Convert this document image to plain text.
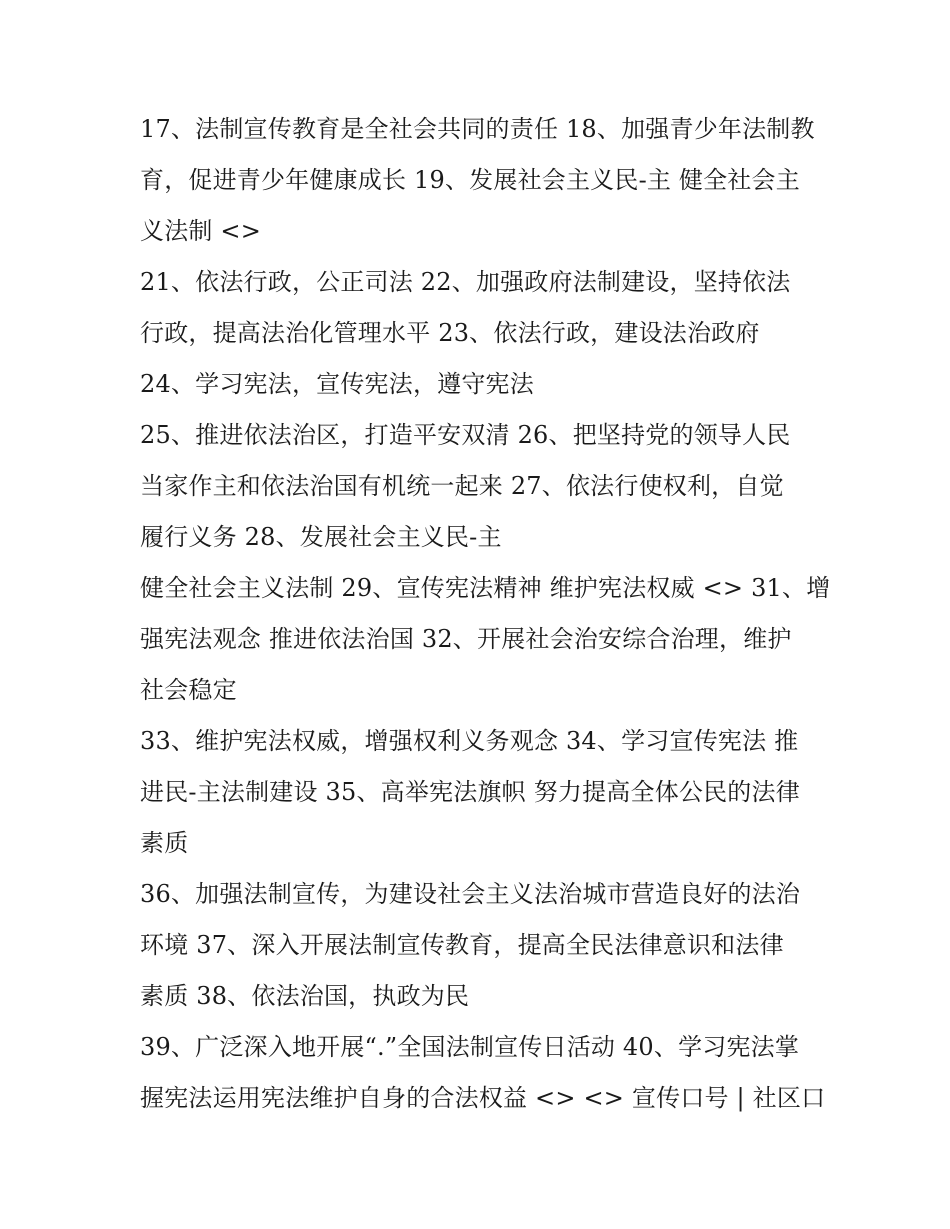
17、法制宣传教育是全社会共同的责任 18、加强青少年法制教
育，促进青少年健康成长 19、发展社会主义民-主 健全社会主
义法制 <>
21、依法行政，公正司法 22、加强政府法制建设，坚持依法
行政，提高法治化管理水平 23、依法行政，建设法治政府
24、学习宪法，宣传宪法，遵守宪法
25、推进依法治区，打造平安双清 26、把坚持党的领导人民
当家作主和依法治国有机统一起来 27、依法行使权利，自觉
履行义务 28、发展社会主义民-主
健全社会主义法制 29、宣传宪法精神 维护宪法权威 <> 31、增
强宪法观念 推进依法治国 32、开展社会治安综合治理，维护
社会稳定
33、维护宪法权威，增强权利义务观念 34、学习宣传宪法 推
进民-主法制建设 35、高举宪法旗帜 努力提高全体公民的法律
素质
36、加强法制宣传，为建设社会主义法治城市营造良好的法治
环境 37、深入开展法制宣传教育，提高全民法律意识和法律
素质 38、依法治国，执政为民
39、广泛深入地开展“.”全国法制宣传日活动 40、学习宪法掌
握宪法运用宪法维护自身的合法权益 <> <> 宣传口号 | 社区口
